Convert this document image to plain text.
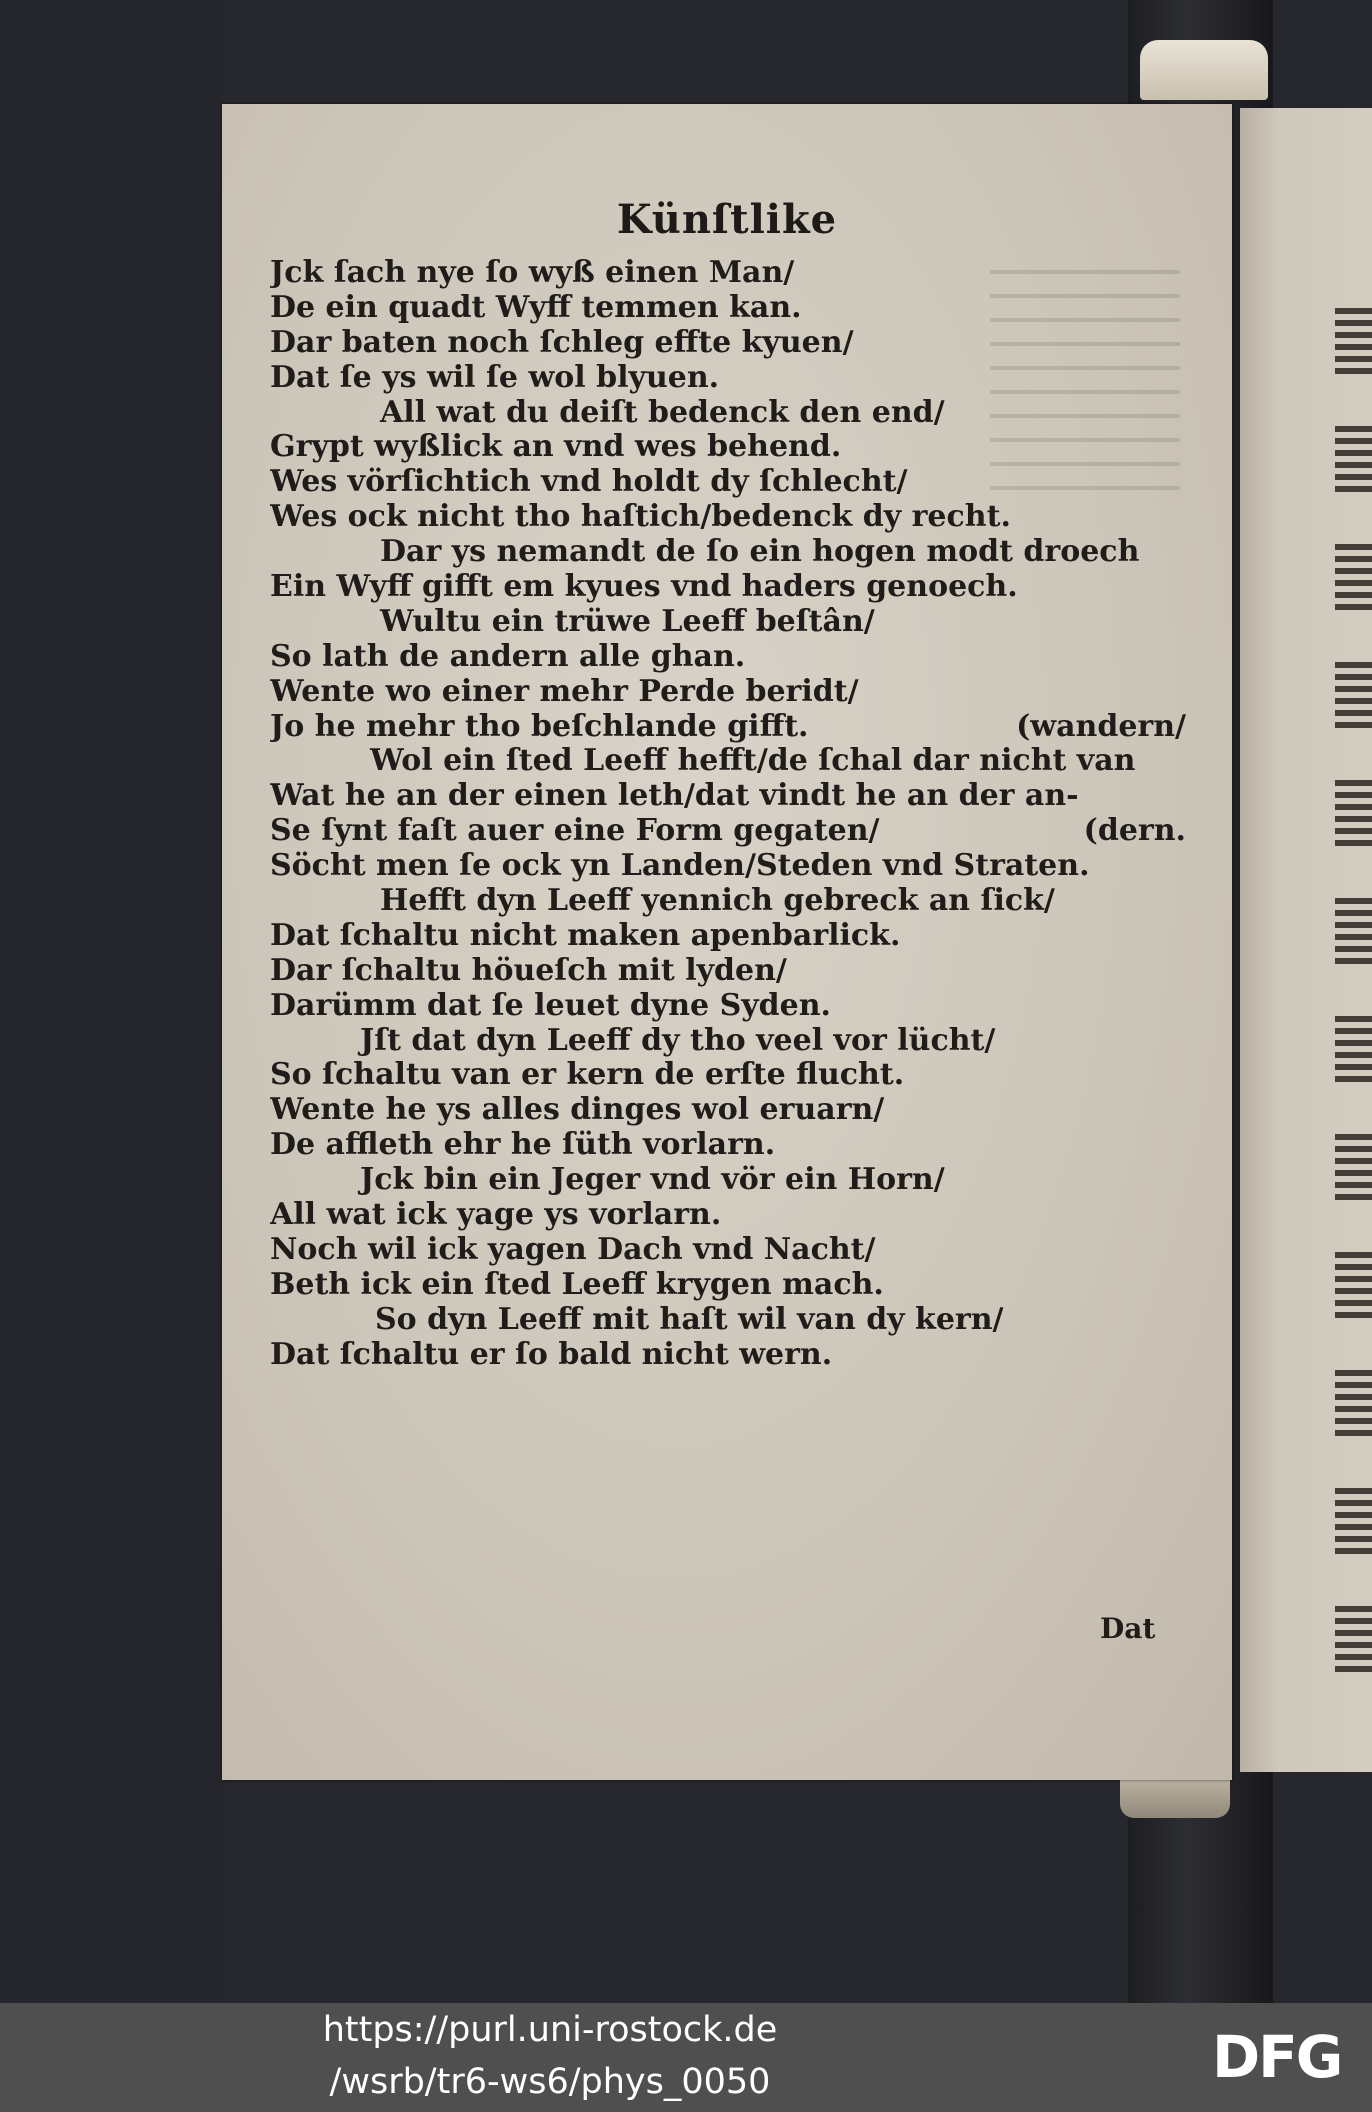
Künſtlike
Jck ſach nye ſo wyß einen Man/
De ein quadt Wyff temmen kan.
Dar baten noch ſchleg effte kyuen/
Dat ſe ys wil ſe wol blyuen.
All wat du deiſt bedenck den end/
Grypt wyßlick an vnd wes behend.
Wes vörſichtich vnd holdt dy ſchlecht/
Wes ock nicht tho haſtich/bedenck dy recht.
Dar ys nemandt de ſo ein hogen modt droech
Ein Wyff gifft em kyues vnd haders genoech.
Wultu ein trüwe Leeff beſtân/
So lath de andern alle ghan.
Wente wo einer mehr Perde beridt/
Jo he mehr tho beſchlande gifft.	(wandern/
Wol ein ſted Leeff hefft/de ſchal dar nicht van
Wat he an der einen leth/dat vindt he an der an-
Se ſynt faſt auer eine Form gegaten/	(dern.
Söcht men ſe ock yn Landen/Steden vnd Straten.
Hefft dyn Leeff yennich gebreck an ſick/
Dat ſchaltu nicht maken apenbarlick.
Dar ſchaltu höueſch mit lyden/
Darümm dat ſe leuet dyne Syden.
Jſt dat dyn Leeff dy tho veel vor lücht/
So ſchaltu van er kern de erſte flucht.
Wente he ys alles dinges wol eruarn/
De affleth ehr he ſüth vorlarn.
Jck bin ein Jeger vnd vör ein Horn/
All wat ick yage ys vorlarn.
Noch wil ick yagen Dach vnd Nacht/
Beth ick ein ſted Leeff krygen mach.
So dyn Leeff mit haſt wil van dy kern/
Dat ſchaltu er ſo bald nicht wern.
Dat
https://purl.uni-rostock.de
/wsrb/tr6-ws6/phys_0050	DFG
